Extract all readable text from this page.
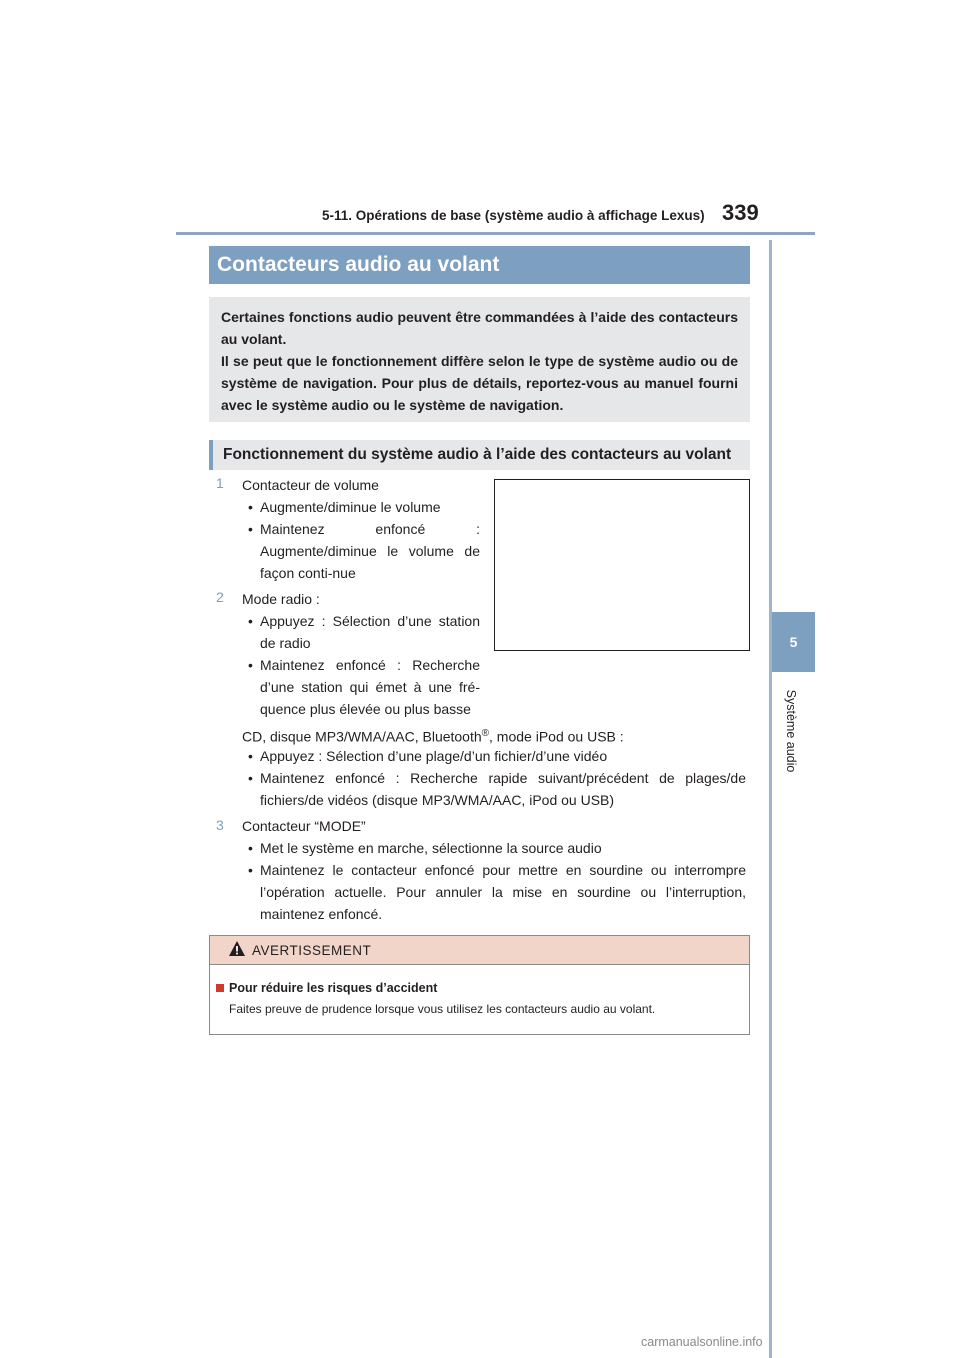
5-11. Opérations de base (système audio à affichage Lexus) 339
5
Système audio
Contacteurs audio au volant

Certaines fonctions audio peuvent être commandées à l’aide des contacteurs au volant.

Il se peut que le fonctionnement diffère selon le type de système audio ou de système de navigation. Pour plus de détails, reportez-vous au manuel fourni avec le système audio ou le système de navigation.

Fonctionnement du système audio à l’aide des contacteurs au volant
1	Contacteur de volume
• Augmente/diminue le volume
• Maintenez enfoncé : Augmente/diminue le volume de façon conti-nue
2	Mode radio :
• Appuyez : Sélection d’une station de radio
• Maintenez enfoncé : Recherche d’une station qui émet à une fré-quence plus élevée ou plus basse
CD, disque MP3/WMA/AAC, Bluetooth®, mode iPod ou USB :
• Appuyez : Sélection d’une plage/d’un fichier/d’une vidéo
• Maintenez enfoncé : Recherche rapide suivant/précédent de plages/de fichiers/de vidéos (disque MP3/WMA/AAC, iPod ou USB)
3	Contacteur “MODE”
• Met le système en marche, sélectionne la source audio
• Maintenez le contacteur enfoncé pour mettre en sourdine ou interrompre l’opération actuelle. Pour annuler la mise en sourdine ou l’interruption, maintenez enfoncé.
AVERTISSEMENT
Pour réduire les risques d’accident
Faites preuve de prudence lorsque vous utilisez les contacteurs audio au volant.
carmanualsonline.info
